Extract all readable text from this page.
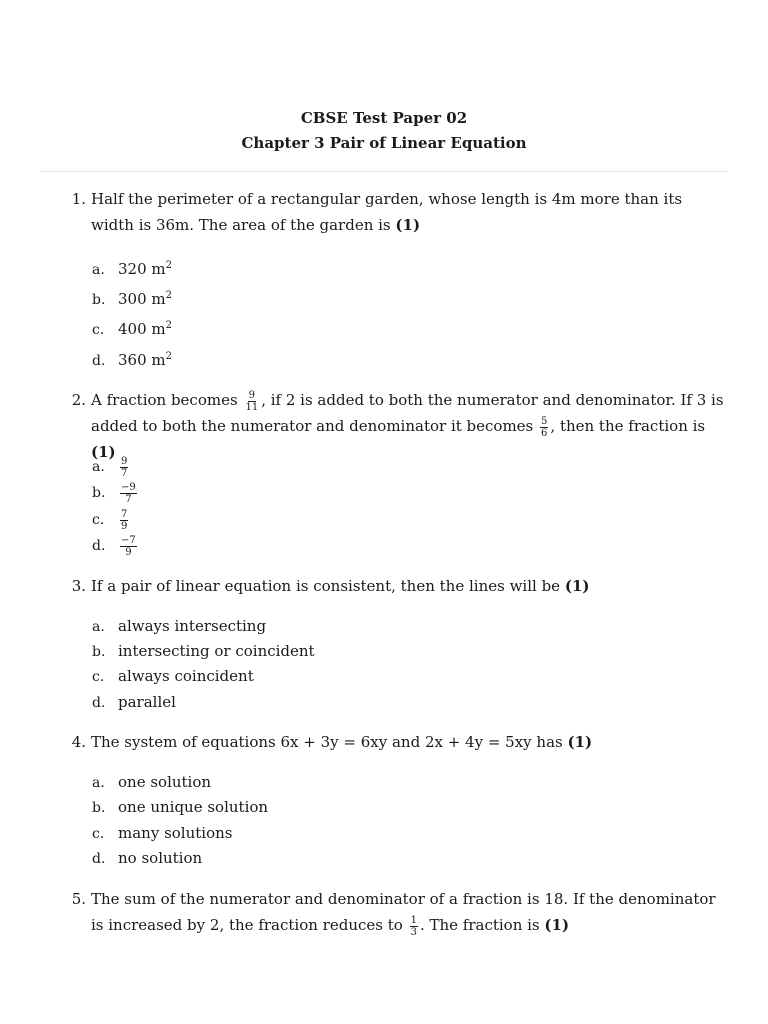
CBSE Test Paper 02
Chapter 3 Pair of Linear Equation
1. Half the perimeter of a rectangular garden, whose length is 4m more than its width is 36m. The area of the garden is (1)
a. 320 $m^2$
b. 300 $m^2$
c. 400 $m^2$
d. 360 $m^2$
2. A fraction becomes $\frac{9}{11}$ , if 2 is added to both the numerator and denominator. If 3 is added to both the numerator and denominator it becomes $\frac{5}{6}$ , then the fraction is (1)
a. $\frac{9}{7}$
b. $\frac{-9}{7}$
c. $\frac{7}{9}$
d. $\frac{-7}{9}$
3. If a pair of linear equation is consistent, then the lines will be (1)
a. always intersecting
b. intersecting or coincident
c. always coincident
d. parallel
4. The system of equations 6x + 3y = 6xy and 2x + 4y = 5xy has (1)
a. one solution
b. one unique solution
c. many solutions
d. no solution
5. The sum of the numerator and denominator of a fraction is 18. If the denominator is increased by 2, the fraction reduces to $\frac{1}{3}$ . The fraction is (1)
